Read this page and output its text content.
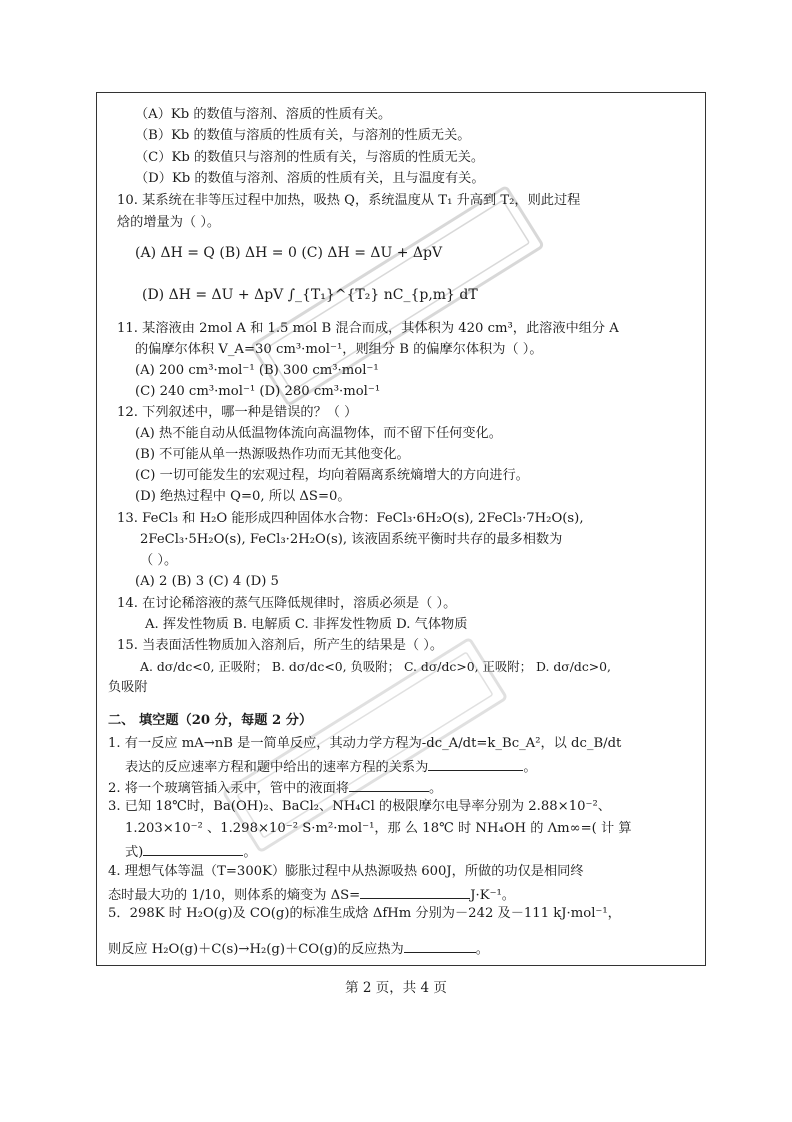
（A）Kb 的数值与溶剂、溶质的性质有关。
（B）Kb 的数值与溶质的性质有关，与溶剂的性质无关。
（C）Kb 的数值只与溶剂的性质有关，与溶质的性质无关。
（D）Kb 的数值与溶剂、溶质的性质有关，且与温度有关。
10. 某系统在非等压过程中加热，吸热 Q，系统温度从 T₁ 升高到 T₂，则此过程
焓的增量为（ ）。
(A) ΔH = Q (B) ΔH = 0 (C) ΔH = ΔU + ΔpV
(D) ΔH = ΔU + ΔpV ∫_{T₁}^{T₂} nC_{p,m} dT
11. 某溶液由 2mol A 和 1.5 mol B 混合而成，其体积为 420 cm³，此溶液中组分 A
的偏摩尔体积 V_A=30 cm³·mol⁻¹，则组分 B 的偏摩尔体积为（ ）。
(A) 200 cm³·mol⁻¹ (B) 300 cm³·mol⁻¹
(C) 240 cm³·mol⁻¹ (D) 280 cm³·mol⁻¹
12. 下列叙述中，哪一种是错误的？（ ）
(A) 热不能自动从低温物体流向高温物体，而不留下任何变化。
(B) 不可能从单一热源吸热作功而无其他变化。
(C) 一切可能发生的宏观过程，均向着隔离系统熵增大的方向进行。
(D) 绝热过程中 Q=0, 所以 ΔS=0。
13. FeCl₃ 和 H₂O 能形成四种固体水合物：FeCl₃·6H₂O(s), 2FeCl₃·7H₂O(s),
2FeCl₃·5H₂O(s), FeCl₃·2H₂O(s), 该液固系统平衡时共存的最多相数为
（ ）。
(A) 2 (B) 3 (C) 4 (D) 5
14. 在讨论稀溶液的蒸气压降低规律时，溶质必须是（ ）。
A. 挥发性物质 B. 电解质 C. 非挥发性物质 D. 气体物质
15. 当表面活性物质加入溶剂后，所产生的结果是（ ）。
A. dσ/dc<0, 正吸附； B. dσ/dc<0, 负吸附； C. dσ/dc>0, 正吸附； D. dσ/dc>0,
负吸附
二、 填空题（20 分，每题 2 分）
1. 有一反应 mA→nB 是一简单反应，其动力学方程为-dc_A/dt=k_Bc_A²，以 dc_B/dt
表达的反应速率方程和题中给出的速率方程的关系为	。
2. 将一个玻璃管插入汞中，管中的液面将	。
3. 已知 18℃时，Ba(OH)₂、BaCl₂、NH₄Cl 的极限摩尔电导率分别为 2.88×10⁻²、
1.203×10⁻² 、1.298×10⁻² S·m²·mol⁻¹，那 么 18℃ 时 NH₄OH 的 Λm∞=( 计 算
式)	。
4. 理想气体等温（T=300K）膨胀过程中从热源吸热 600J，所做的功仅是相同终
态时最大功的 1/10，则体系的熵变为 ΔS=	J·K⁻¹。
5．298K 时 H₂O(g)及 CO(g)的标准生成焓 ΔfHm 分别为－242 及－111 kJ·mol⁻¹，
则反应 H₂O(g)＋C(s)→H₂(g)＋CO(g)的反应热为	。
第 2 页，共 4 页
